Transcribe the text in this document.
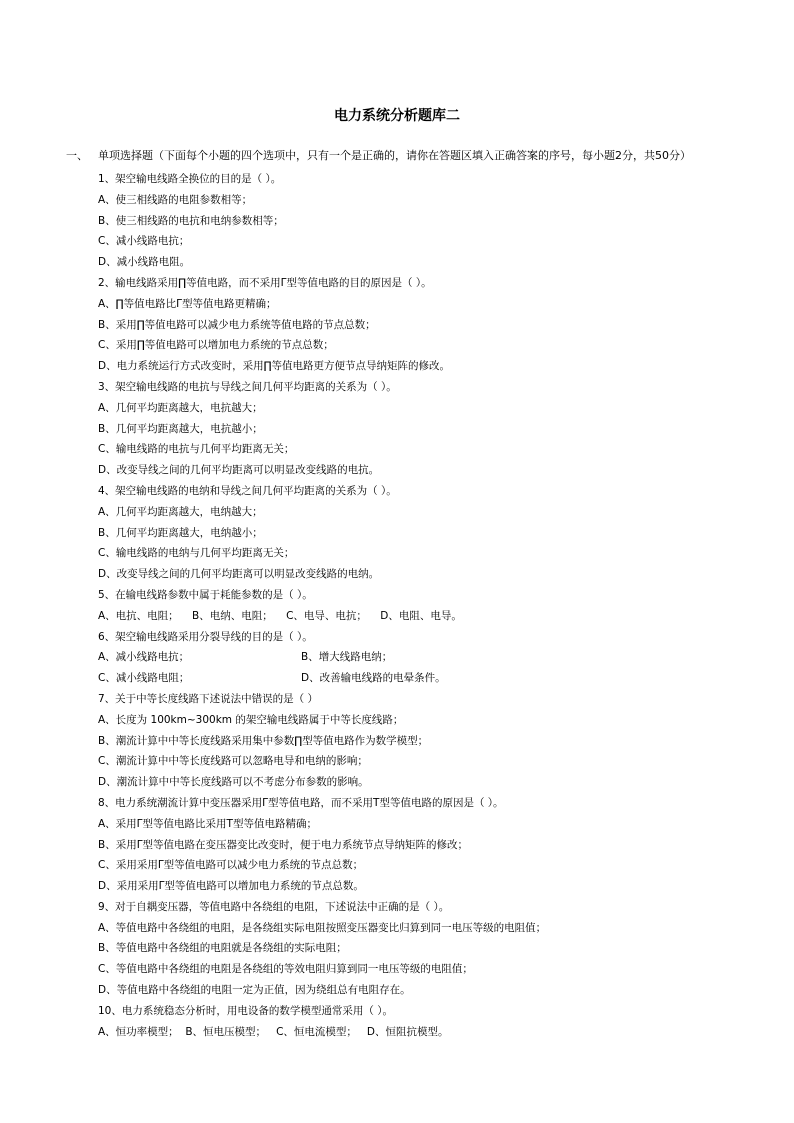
电力系统分析题库二
一、 单项选择题（下面每个小题的四个选项中，只有一个是正确的，请你在答题区填入正确答案的序号，每小题2分，共50分）
1、架空输电线路全换位的目的是（ ）。
A、使三相线路的电阻参数相等；
B、使三相线路的电抗和电纳参数相等；
C、减小线路电抗；
D、减小线路电阻。
2、输电线路采用∏等值电路，而不采用Γ型等值电路的目的原因是（ ）。
A、∏等值电路比Γ型等值电路更精确；
B、采用∏等值电路可以减少电力系统等值电路的节点总数；
C、采用∏等值电路可以增加电力系统的节点总数；
D、电力系统运行方式改变时，采用∏等值电路更方便节点导纳矩阵的修改。
3、架空输电线路的电抗与导线之间几何平均距离的关系为（ ）。
A、几何平均距离越大，电抗越大；
B、几何平均距离越大，电抗越小；
C、输电线路的电抗与几何平均距离无关；
D、改变导线之间的几何平均距离可以明显改变线路的电抗。
4、架空输电线路的电纳和导线之间几何平均距离的关系为（ ）。
A、几何平均距离越大，电纳越大；
B、几何平均距离越大，电纳越小；
C、输电线路的电纳与几何平均距离无关；
D、改变导线之间的几何平均距离可以明显改变线路的电纳。
5、在输电线路参数中属于耗能参数的是（ ）。
A、电抗、电阻；    B、电纳、电阻；    C、电导、电抗；    D、电阻、电导。
6、架空输电线路采用分裂导线的目的是（ ）。
A、减小线路电抗；	B、增大线路电纳；
C、减小线路电阻；	D、改善输电线路的电晕条件。
7、关于中等长度线路下述说法中错误的是（ ）
A、长度为 100km~300km 的架空输电线路属于中等长度线路；
B、潮流计算中中等长度线路采用集中参数∏型等值电路作为数学模型；
C、潮流计算中中等长度线路可以忽略电导和电纳的影响；
D、潮流计算中中等长度线路可以不考虑分布参数的影响。
8、电力系统潮流计算中变压器采用Γ型等值电路，而不采用T型等值电路的原因是（ ）。
A、采用Γ型等值电路比采用T型等值电路精确；
B、采用Γ型等值电路在变压器变比改变时，便于电力系统节点导纳矩阵的修改；
C、采用采用Γ型等值电路可以减少电力系统的节点总数；
D、采用采用Γ型等值电路可以增加电力系统的节点总数。
9、对于自耦变压器，等值电路中各绕组的电阻，下述说法中正确的是（ ）。
A、等值电路中各绕组的电阻，是各绕组实际电阻按照变压器变比归算到同一电压等级的电阻值；
B、等值电路中各绕组的电阻就是各绕组的实际电阻；
C、等值电路中各绕组的电阻是各绕组的等效电阻归算到同一电压等级的电阻值；
D、等值电路中各绕组的电阻一定为正值，因为绕组总有电阻存在。
10、电力系统稳态分析时，用电设备的数学模型通常采用（ ）。
A、恒功率模型；  B、恒电压模型；   C、恒电流模型；   D、恒阻抗模型。
